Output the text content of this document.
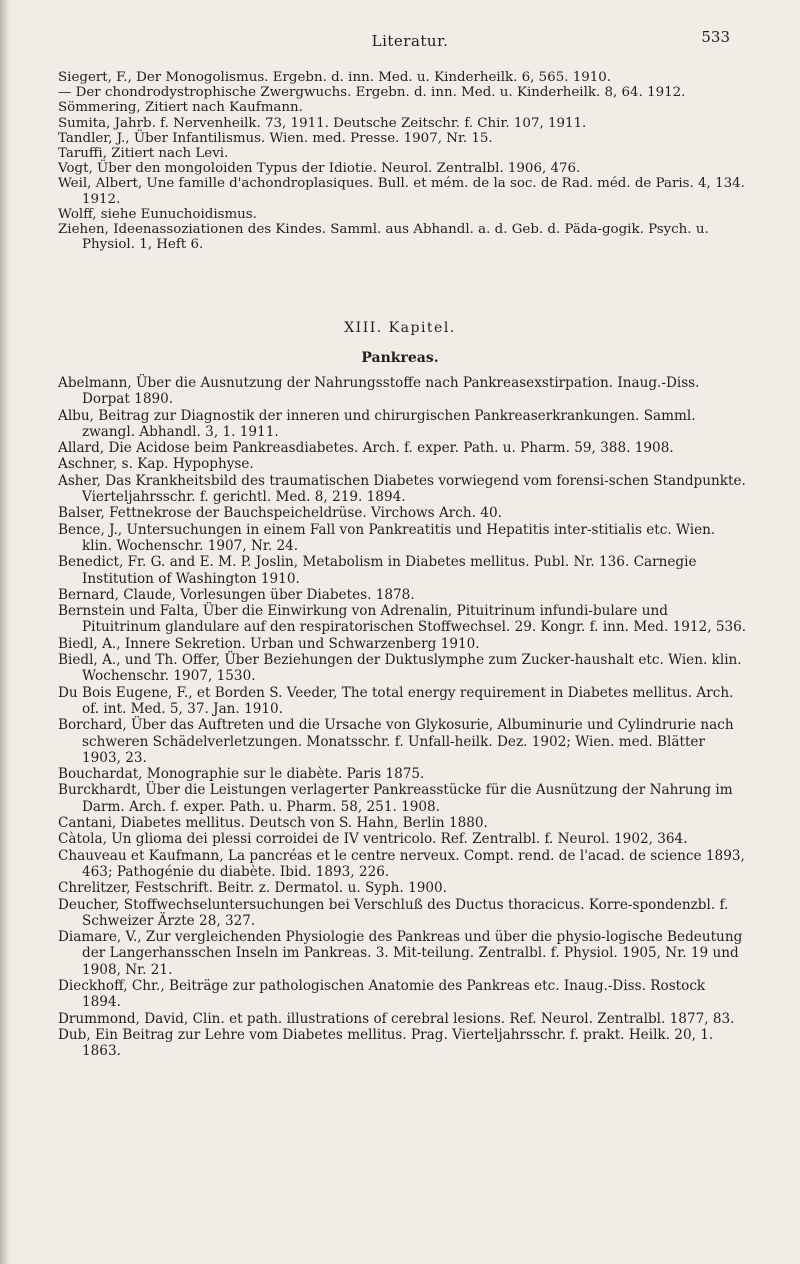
Literatur.	533

Siegert, F., Der Monogolismus. Ergebn. d. inn. Med. u. Kinderheilk. 6, 565. 1910.

— Der chondrodystrophische Zwergwuchs. Ergebn. d. inn. Med. u. Kinderheilk. 8, 64. 1912.

Sömmering, Zitiert nach Kaufmann.

Sumita, Jahrb. f. Nervenheilk. 73, 1911. Deutsche Zeitschr. f. Chir. 107, 1911.

Tandler, J., Über Infantilismus. Wien. med. Presse. 1907, Nr. 15.

Taruffi, Zitiert nach Levi.

Vogt, Über den mongoloiden Typus der Idiotie. Neurol. Zentralbl. 1906, 476.

Weil, Albert, Une famille d'achondroplasiques. Bull. et mém. de la soc. de Rad. méd. de Paris. 4, 134. 1912.

Wolff, siehe Eunuchoidismus.

Ziehen, Ideenassoziationen des Kindes. Samml. aus Abhandl. a. d. Geb. d. Päda-gogik. Psych. u. Physiol. 1, Heft 6.

XIII. Kapitel.
Pankreas.

Abelmann, Über die Ausnutzung der Nahrungsstoffe nach Pankreasexstirpation. Inaug.-Diss. Dorpat 1890.

Albu, Beitrag zur Diagnostik der inneren und chirurgischen Pankreaserkrankungen. Samml. zwangl. Abhandl. 3, 1. 1911.

Allard, Die Acidose beim Pankreasdiabetes. Arch. f. exper. Path. u. Pharm. 59, 388. 1908.

Aschner, s. Kap. Hypophyse.

Asher, Das Krankheitsbild des traumatischen Diabetes vorwiegend vom forensi-schen Standpunkte. Vierteljahrsschr. f. gerichtl. Med. 8, 219. 1894.

Balser, Fettnekrose der Bauchspeicheldrüse. Virchows Arch. 40.

Bence, J., Untersuchungen in einem Fall von Pankreatitis und Hepatitis inter-stitialis etc. Wien. klin. Wochenschr. 1907, Nr. 24.

Benedict, Fr. G. and E. M. P. Joslin, Metabolism in Diabetes mellitus. Publ. Nr. 136. Carnegie Institution of Washington 1910.

Bernard, Claude, Vorlesungen über Diabetes. 1878.

Bernstein und Falta, Über die Einwirkung von Adrenalin, Pituitrinum infundi-bulare und Pituitrinum glandulare auf den respiratorischen Stoffwechsel. 29. Kongr. f. inn. Med. 1912, 536.

Biedl, A., Innere Sekretion. Urban und Schwarzenberg 1910.

Biedl, A., und Th. Offer, Über Beziehungen der Duktuslymphe zum Zucker-haushalt etc. Wien. klin. Wochenschr. 1907, 1530.

Du Bois Eugene, F., et Borden S. Veeder, The total energy requirement in Diabetes mellitus. Arch. of. int. Med. 5, 37. Jan. 1910.

Borchard, Über das Auftreten und die Ursache von Glykosurie, Albuminurie und Cylindrurie nach schweren Schädelverletzungen. Monatsschr. f. Unfall-heilk. Dez. 1902; Wien. med. Blätter 1903, 23.

Bouchardat, Monographie sur le diabète. Paris 1875.

Burckhardt, Über die Leistungen verlagerter Pankreasstücke für die Ausnützung der Nahrung im Darm. Arch. f. exper. Path. u. Pharm. 58, 251. 1908.

Cantani, Diabetes mellitus. Deutsch von S. Hahn, Berlin 1880.

Càtola, Un glioma dei plessi corroidei de IV ventricolo. Ref. Zentralbl. f. Neurol. 1902, 364.

Chauveau et Kaufmann, La pancréas et le centre nerveux. Compt. rend. de l'acad. de science 1893, 463; Pathogénie du diabète. Ibid. 1893, 226.

Chrelitzer, Festschrift. Beitr. z. Dermatol. u. Syph. 1900.

Deucher, Stoffwechseluntersuchungen bei Verschluß des Ductus thoracicus. Korre-spondenzbl. f. Schweizer Ärzte 28, 327.

Diamare, V., Zur vergleichenden Physiologie des Pankreas und über die physio-logische Bedeutung der Langerhansschen Inseln im Pankreas. 3. Mit-teilung. Zentralbl. f. Physiol. 1905, Nr. 19 und 1908, Nr. 21.

Dieckhoff, Chr., Beiträge zur pathologischen Anatomie des Pankreas etc. Inaug.-Diss. Rostock 1894.

Drummond, David, Clin. et path. illustrations of cerebral lesions. Ref. Neurol. Zentralbl. 1877, 83.

Dub, Ein Beitrag zur Lehre vom Diabetes mellitus. Prag. Vierteljahrsschr. f. prakt. Heilk. 20, 1. 1863.
